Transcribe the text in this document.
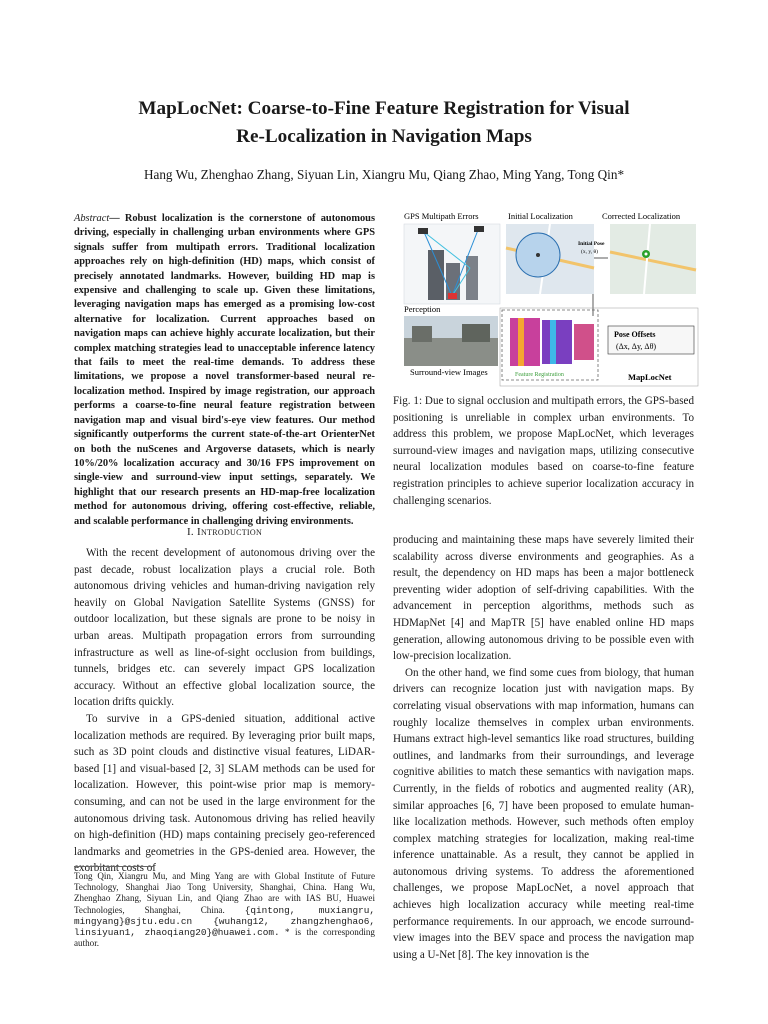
MapLocNet: Coarse-to-Fine Feature Registration for Visual
Re-Localization in Navigation Maps
Hang Wu, Zhenghao Zhang, Siyuan Lin, Xiangru Mu, Qiang Zhao, Ming Yang, Tong Qin*
Abstract— Robust localization is the cornerstone of autonomous driving, especially in challenging urban environments where GPS signals suffer from multipath errors. Traditional localization approaches rely on high-definition (HD) maps, which consist of precisely annotated landmarks. However, building HD map is expensive and challenging to scale up. Given these limitations, leveraging navigation maps has emerged as a promising low-cost alternative for localization. Current approaches based on navigation maps can achieve highly accurate localization, but their complex matching strategies lead to unacceptable inference latency that fails to meet the real-time demands. To address these limitations, we propose a novel transformer-based neural re-localization method. Inspired by image registration, our approach performs a coarse-to-fine neural feature registration between navigation map and visual bird's-eye view features. Our method significantly outperforms the current state-of-the-art OrienterNet on both the nuScenes and Argoverse datasets, which is nearly 10%/20% localization accuracy and 30/16 FPS improvement on single-view and surround-view input settings, separately. We highlight that our research presents an HD-map-free localization method for autonomous driving, offering cost-effective, reliable, and scalable performance in challenging driving environments.
I. Introduction

With the recent development of autonomous driving over the past decade, robust localization plays a crucial role. Both autonomous driving vehicles and human-driving navigation rely heavily on Global Navigation Satellite Systems (GNSS) for outdoor localization, but these signals are prone to be noisy in urban areas. Multipath propagation errors from surrounding infrastructure as well as line-of-sight occlusion from buildings, tunnels, bridges etc. can severely impact GPS localization accuracy. Without an effective global localization source, the location drifts quickly.

To survive in a GPS-denied situation, additional active localization methods are required. By leveraging prior built maps, such as 3D point clouds and distinctive visual features, LiDAR-based [1] and visual-based [2, 3] SLAM methods can be used for localization. However, this point-wise prior map is memory-consuming, and can not be used in the large environment for the autonomous driving task. Autonomous driving has relied heavily on high-definition (HD) maps containing precisely geo-referenced landmarks and geometries in the GPS-denied area. However, the exorbitant costs of

Tong Qin, Xiangru Mu, and Ming Yang are with Global Institute of Future Technology, Shanghai Jiao Tong University, Shanghai, China. Hang Wu, Zhenghao Zhang, Siyuan Lin, and Qiang Zhao are with IAS BU, Huawei Technologies, Shanghai, China. {qintong, muxiangru, mingyang}@sjtu.edu.cn {wuhang12, zhangzhenghao6, linsiyuan1, zhaoqiang20}@huawei.com. * is the corresponding author.
GPS Multipath Errors	Initial Localization	Corrected Localization
Initial Pose
(x, y, θ)
Perception
Surround-view Images	Feature Registration
Pose Offsets
(Δx, Δy, Δθ)
MapLocNet
Fig. 1: Due to signal occlusion and multipath errors, the GPS-based positioning is unreliable in complex urban environments. To address this problem, we propose MapLocNet, which leverages surround-view images and navigation maps, utilizing consecutive neural localization modules based on coarse-to-fine feature registration principles to achieve superior localization accuracy in challenging scenarios.

producing and maintaining these maps have severely limited their scalability across diverse environments and geographies. As a result, the dependency on HD maps has been a major bottleneck preventing wider adoption of self-driving capabilities. With the advancement in perception algorithms, methods such as HDMapNet [4] and MapTR [5] have enabled online HD maps generation, allowing autonomous driving to be possible even with low-precision localization.

On the other hand, we find some cues from biology, that human drivers can recognize location just with navigation maps. By correlating visual observations with map information, humans can roughly localize themselves in complex urban environments. Humans extract high-level semantics like road structures, building outlines, and landmarks from their surroundings, and leverage cognitive abilities to match these semantics with navigation maps. Currently, in the fields of robotics and augmented reality (AR), similar approaches [6, 7] have been proposed to emulate human-like localization methods. However, such methods often employ complex matching strategies for localization, making real-time inference unattainable. As a result, they cannot be applied in autonomous driving systems. To address the aforementioned challenges, we propose MapLocNet, a novel approach that achieves high localization accuracy while meeting real-time performance requirements. In our approach, we encode surround-view images into the BEV space and process the navigation map using a U-Net [8]. The key innovation is the
